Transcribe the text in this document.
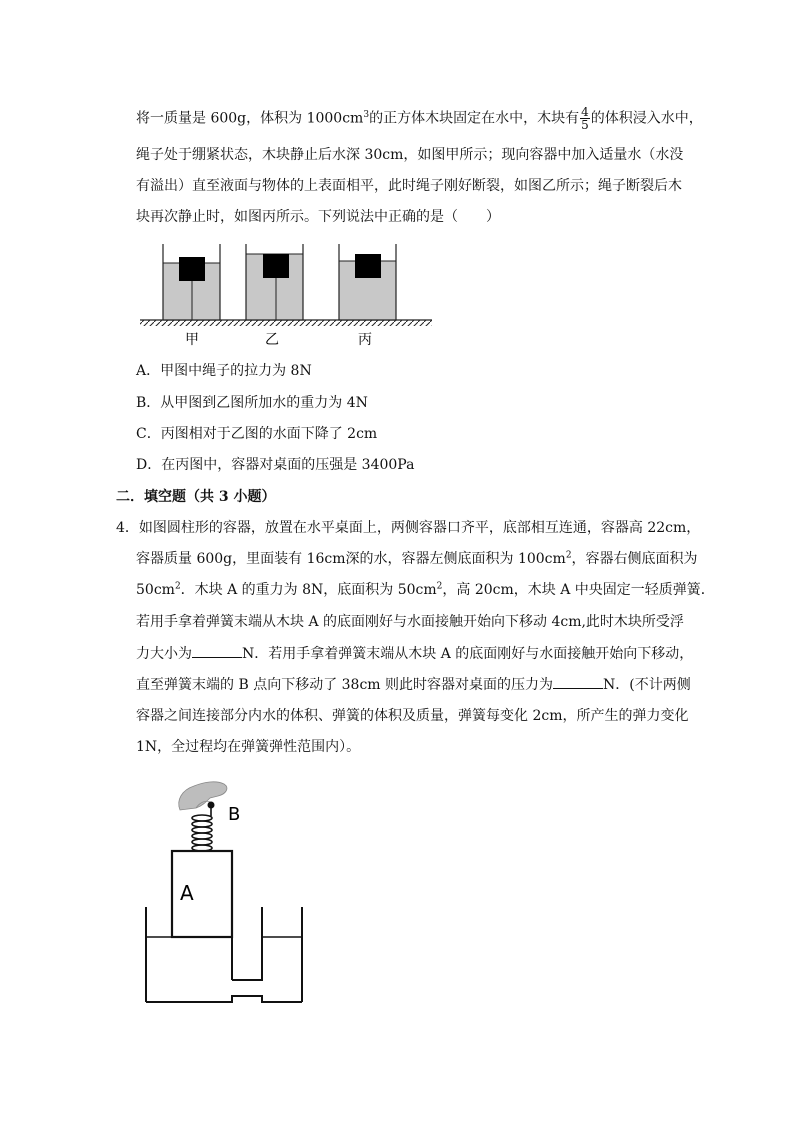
将一质量是 600g，体积为 $1000cm^3$的正方体木块固定在水中，木块有 $\frac{4}{5}$ 的体积浸入水中，
绳子处于绷紧状态，木块静止后水深 30cm，如图甲所示；现向容器中加入适量水（水没
有溢出）直至液面与物体的上表面相平，此时绳子刚好断裂，如图乙所示；绳子断裂后木
块再次静止时，如图丙所示。下列说法中正确的是（　　）
甲	乙	丙
A．甲图中绳子的拉力为 8N
B．从甲图到乙图所加水的重力为 4N
C．丙图相对于乙图的水面下降了 2cm
D．在丙图中，容器对桌面的压强是 3400Pa
二．填空题（共 3 小题）
4．如图圆柱形的容器，放置在水平桌面上，两侧容器口齐平，底部相互连通，容器高 22cm，
容器质量 600g，里面装有 16cm深的水，容器左侧底面积为 $100cm^2$，容器右侧底面积为
$50cm^2$．木块 A 的重力为 8N，底面积为 $50cm^2$，高 20cm，木块 A 中央固定一轻质弹簧．
若用手拿着弹簧末端从木块 A 的底面刚好与水面接触开始向下移动 4cm,此时木块所受浮
力大小为	N．若用手拿着弹簧末端从木块 A 的底面刚好与水面接触开始向下移动，
直至弹簧末端的 B 点向下移动了 38cm 则此时容器对桌面的压力为	N．(不计两侧
容器之间连接部分内水的体积、弹簧的体积及质量，弹簧每变化 2cm，所产生的弹力变化
1N，全过程均在弹簧弹性范围内）。
B
A
